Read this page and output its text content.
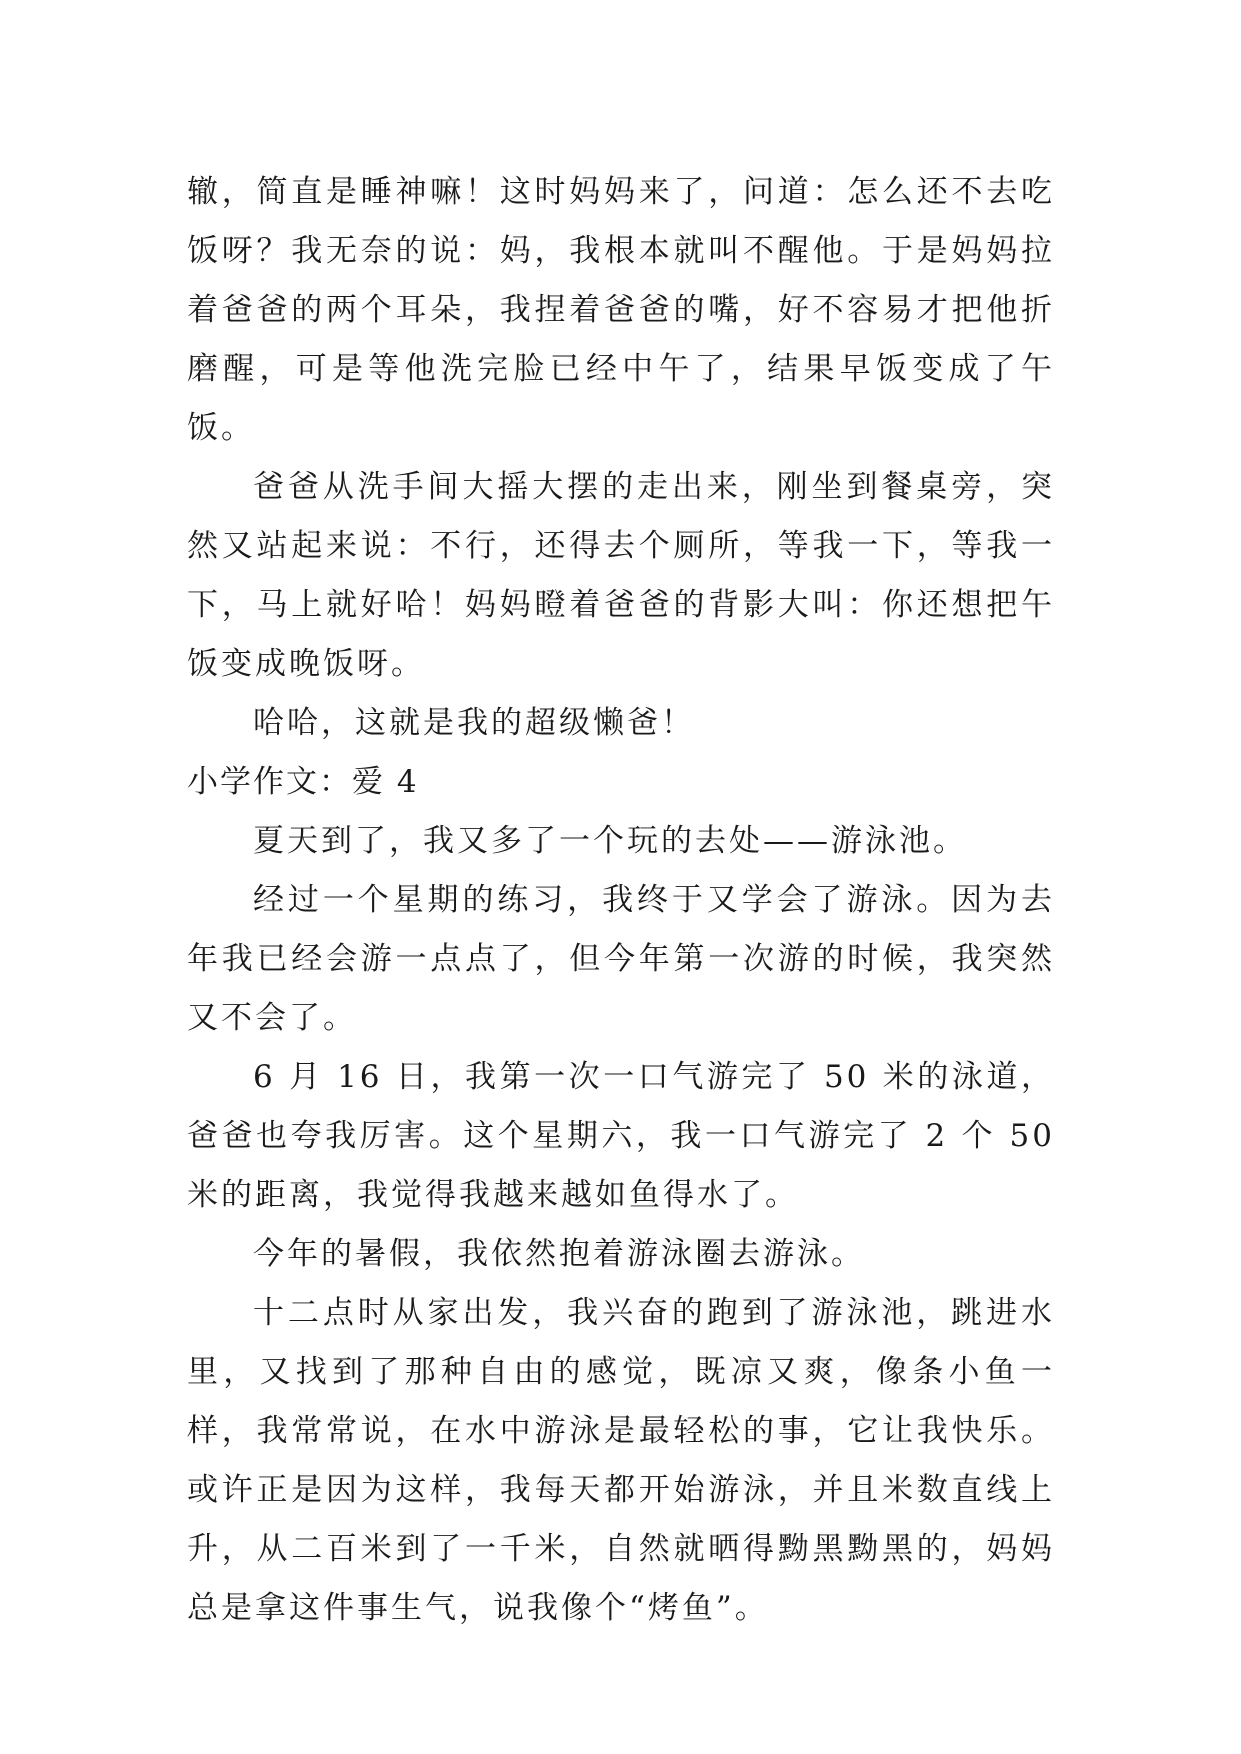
辙，简直是睡神嘛！这时妈妈来了，问道：怎么还不去吃饭呀？我无奈的说：妈，我根本就叫不醒他。于是妈妈拉着爸爸的两个耳朵，我捏着爸爸的嘴，好不容易才把他折磨醒，可是等他洗完脸已经中午了，结果早饭变成了午饭。

爸爸从洗手间大摇大摆的走出来，刚坐到餐桌旁，突然又站起来说：不行，还得去个厕所，等我一下，等我一下，马上就好哈！妈妈瞪着爸爸的背影大叫：你还想把午饭变成晚饭呀。

哈哈，这就是我的超级懒爸！

小学作文：爱 4

夏天到了，我又多了一个玩的去处——游泳池。

经过一个星期的练习，我终于又学会了游泳。因为去年我已经会游一点点了，但今年第一次游的时候，我突然又不会了。

6 月 16 日，我第一次一口气游完了 50 米的泳道，爸爸也夸我厉害。这个星期六，我一口气游完了 2 个 50 米的距离，我觉得我越来越如鱼得水了。

今年的暑假，我依然抱着游泳圈去游泳。

十二点时从家出发，我兴奋的跑到了游泳池，跳进水里，又找到了那种自由的感觉，既凉又爽，像条小鱼一样，我常常说，在水中游泳是最轻松的事，它让我快乐。或许正是因为这样，我每天都开始游泳，并且米数直线上升，从二百米到了一千米，自然就晒得黝黑黝黑的，妈妈总是拿这件事生气，说我像个“烤鱼”。
